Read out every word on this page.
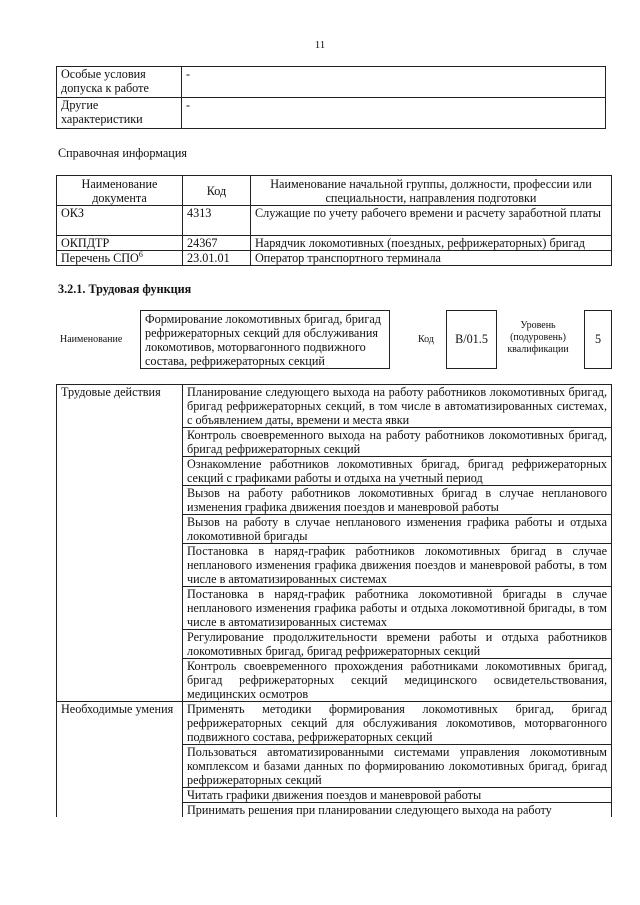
11
Особые условия допуска к работе	-
Другие характеристики	-
Справочная информация
Наименование документа	Код	Наименование начальной группы, должности, профессии или специальности, направления подготовки
ОКЗ	4313	Служащие по учету рабочего времени и расчету заработной платы
ОКПДТР	24367	Нарядчик локомотивных (поездных, рефрижераторных) бригад
Перечень СПО$^6$	23.01.01	Оператор транспортного терминала
3.2.1. Трудовая функция
Наименование
Формирование локомотивных бригад, бригад рефрижераторных секций для обслуживания локомотивов, моторвагонного подвижного состава, рефрижераторных секций
Код	B/01.5
Уровень (подуровень) квалификации
5
Трудовые действия	Планирование следующего выхода на работу работников локомотивных бригад, бригад рефрижераторных секций, в том числе в автоматизированных системах, с объявлением даты, времени и места явки
	Контроль своевременного выхода на работу работников локомотивных бригад, бригад рефрижераторных секций
	Ознакомление работников локомотивных бригад, бригад рефрижераторных секций с графиками работы и отдыха на учетный период
	Вызов на работу работников локомотивных бригад в случае непланового изменения графика движения поездов и маневровой работы
	Вызов на работу в случае непланового изменения графика работы и отдыха локомотивной бригады
	Постановка в наряд-график работников локомотивных бригад в случае непланового изменения графика движения поездов и маневровой работы, в том числе в автоматизированных системах
	Постановка в наряд-график работника локомотивной бригады в случае непланового изменения графика работы и отдыха локомотивной бригады, в том числе в автоматизированных системах
	Регулирование продолжительности времени работы и отдыха работников локомотивных бригад, бригад рефрижераторных секций
	Контроль своевременного прохождения работниками локомотивных бригад, бригад рефрижераторных секций медицинского освидетельствования, медицинских осмотров
Необходимые умения	Применять методики формирования локомотивных бригад, бригад рефрижераторных секций для обслуживания локомотивов, моторвагонного подвижного состава, рефрижераторных секций
	Пользоваться автоматизированными системами управления локомотивным комплексом и базами данных по формированию локомотивных бригад, бригад рефрижераторных секций
	Читать графики движения поездов и маневровой работы
	Принимать решения при планировании следующего выхода на работу
